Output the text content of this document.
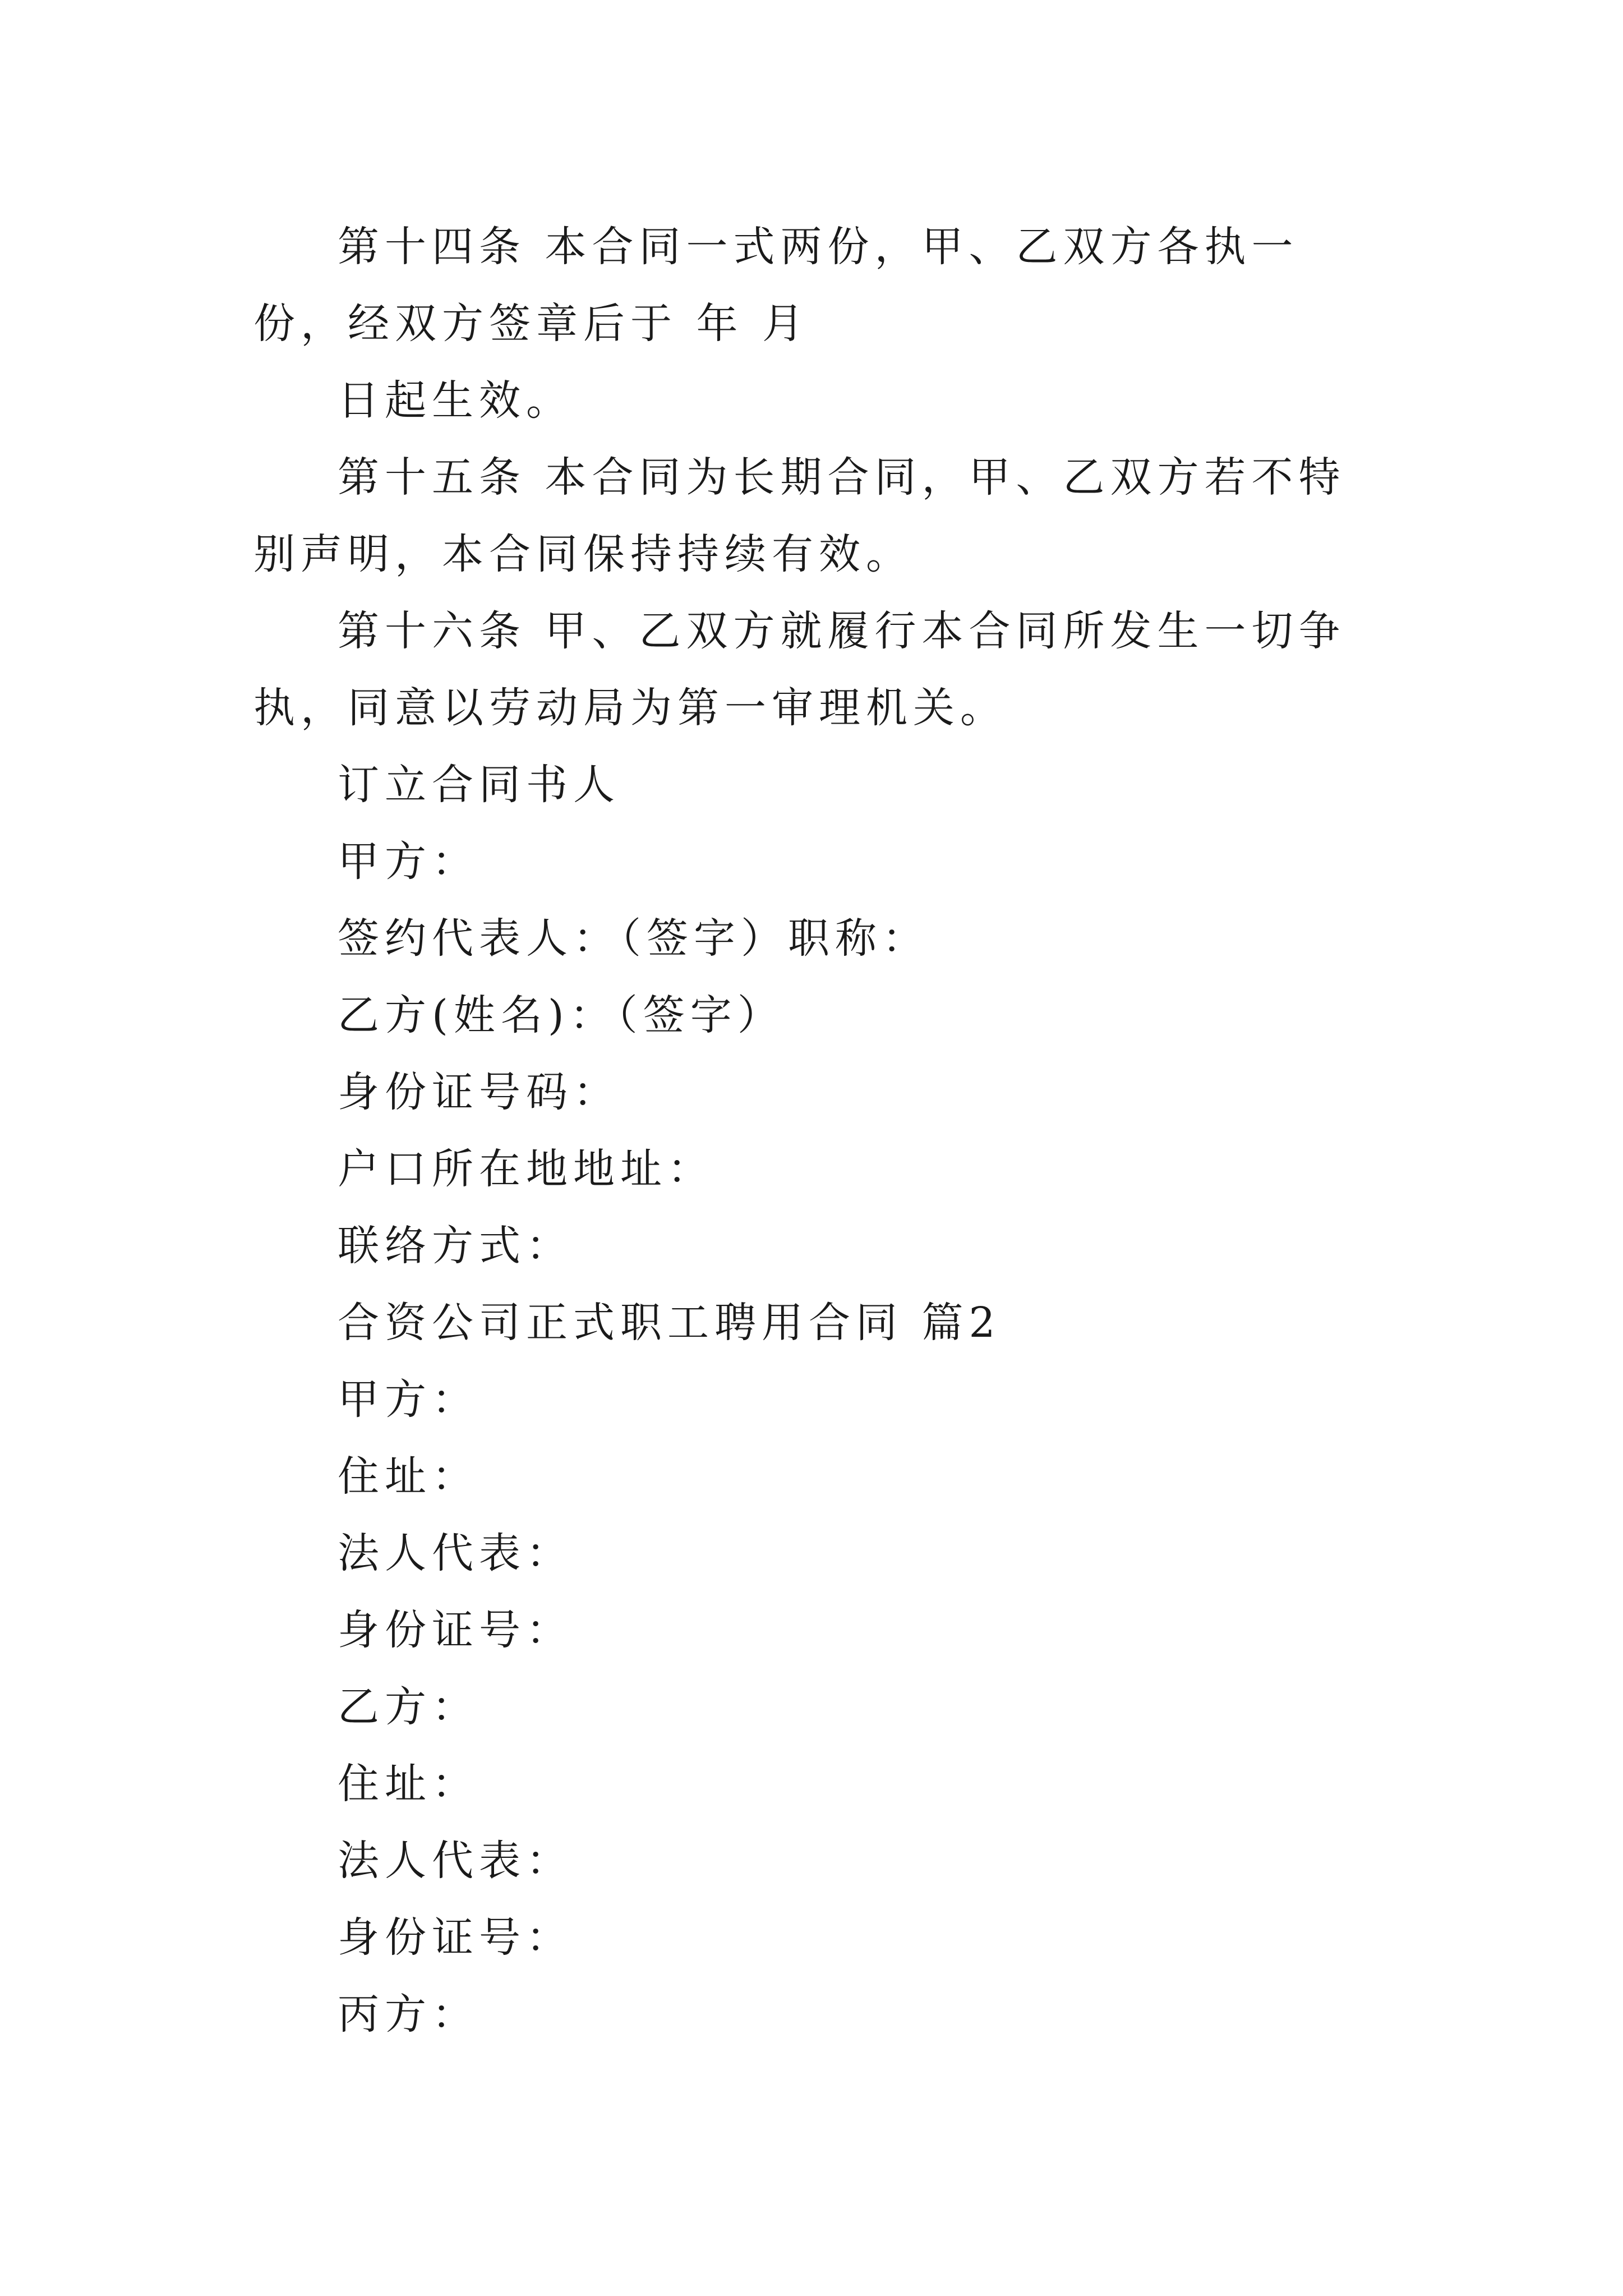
第十四条 本合同一式两份，甲、乙双方各执一份，经双方签章后于 年 月

日起生效。

第十五条 本合同为长期合同，甲、乙双方若不特别声明，本合同保持持续有效。

第十六条 甲、乙双方就履行本合同所发生一切争执，同意以劳动局为第一审理机关。

订立合同书人

甲方：

签约代表人：（签字）职称：

乙方(姓名)：（签字）

身份证号码：

户口所在地地址：

联络方式：

合资公司正式职工聘用合同 篇2

甲方：

住址：

法人代表：

身份证号：

乙方：

住址：

法人代表：

身份证号：

丙方：
